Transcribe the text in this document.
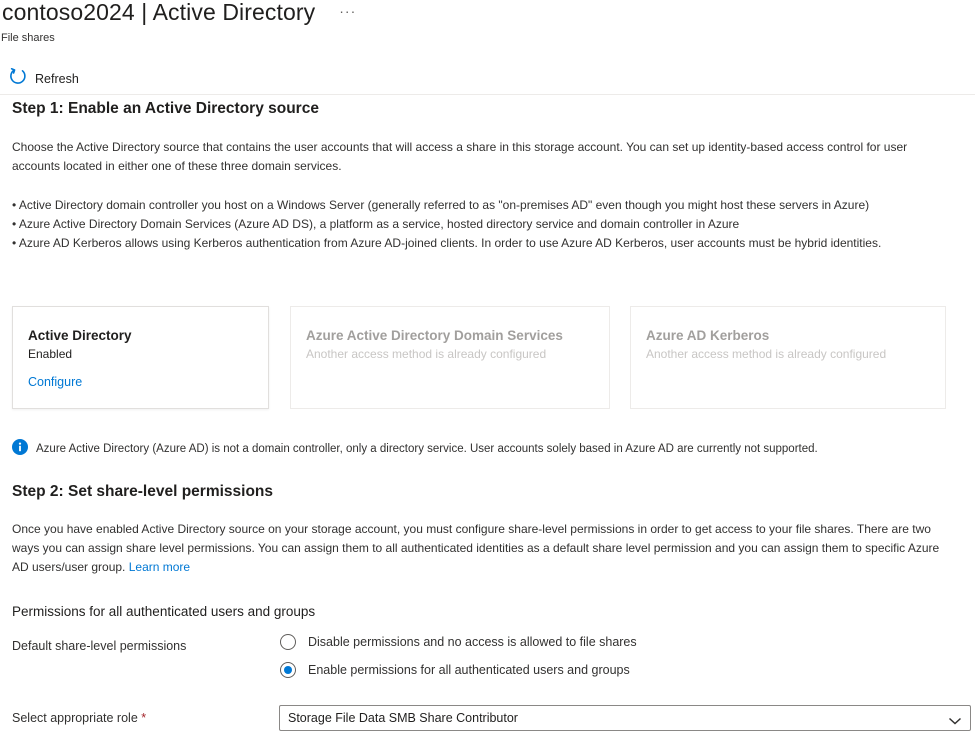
contoso2024 | Active Directory ···
File shares
Refresh
Step 1: Enable an Active Directory source

Choose the Active Directory source that contains the user accounts that will access a share in this storage account. You can set up identity-based access control for user accounts located in either one of these three domain services.

• Active Directory domain controller you host on a Windows Server (generally referred to as "on-premises AD" even though you might host these servers in Azure)

• Azure Active Directory Domain Services (Azure AD DS), a platform as a service, hosted directory service and domain controller in Azure

• Azure AD Kerberos allows using Kerberos authentication from Azure AD-joined clients. In order to use Azure AD Kerberos, user accounts must be hybrid identities.

Active Directory
Enabled
Configure
Azure Active Directory Domain Services
Another access method is already configured
Azure AD Kerberos
Another access method is already configured
Azure Active Directory (Azure AD) is not a domain controller, only a directory service. User accounts solely based in Azure AD are currently not supported.
Step 2: Set share-level permissions

Once you have enabled Active Directory source on your storage account, you must configure share-level permissions in order to get access to your file shares. There are two ways you can assign share level permissions. You can assign them to all authenticated identities as a default share level permission and you can assign them to specific Azure AD users/user group. Learn more

Permissions for all authenticated users and groups
Default share-level permissions	Disable permissions and no access is allowed to file shares
Enable permissions for all authenticated users and groups
Select appropriate role *	Storage File Data SMB Share Contributor
